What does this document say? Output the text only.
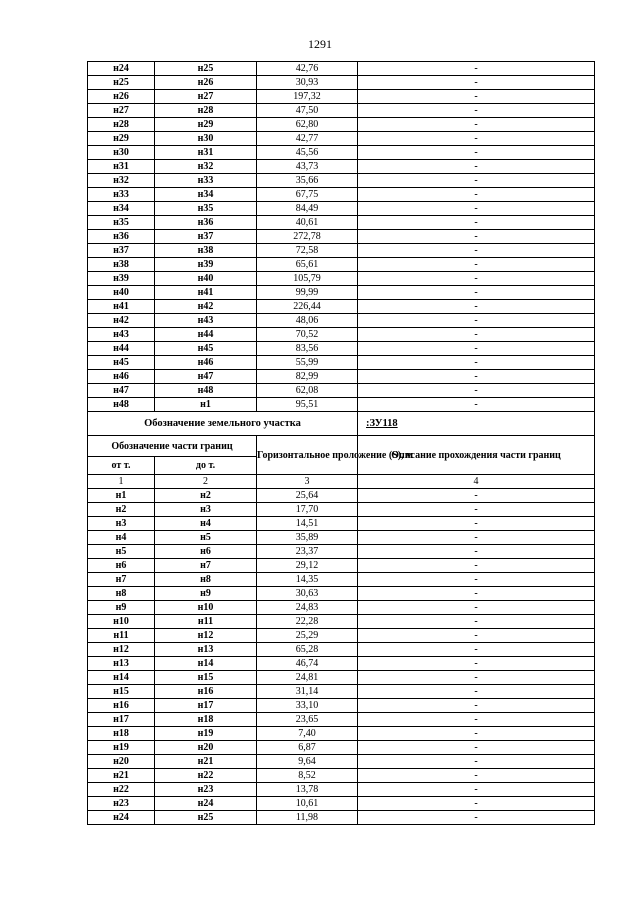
1291
н24	н25	42,76	-
н25	н26	30,93	-
н26	н27	197,32	-
н27	н28	47,50	-
н28	н29	62,80	-
н29	н30	42,77	-
н30	н31	45,56	-
н31	н32	43,73	-
н32	н33	35,66	-
н33	н34	67,75	-
н34	н35	84,49	-
н35	н36	40,61	-
н36	н37	272,78	-
н37	н38	72,58	-
н38	н39	65,61	-
н39	н40	105,79	-
н40	н41	99,99	-
н41	н42	226,44	-
н42	н43	48,06	-
н43	н44	70,52	-
н44	н45	83,56	-
н45	н46	55,99	-
н46	н47	82,99	-
н47	н48	62,08	-
н48	н1	95,51	-
Обозначение земельного участка			:ЗУ118
Обозначение части границ		Горизонтальное проложение (S), м	Описание прохождения части границ
от т.	до т.		
1	2	3	4
н1	н2	25,64	-
н2	н3	17,70	-
н3	н4	14,51	-
н4	н5	35,89	-
н5	н6	23,37	-
н6	н7	29,12	-
н7	н8	14,35	-
н8	н9	30,63	-
н9	н10	24,83	-
н10	н11	22,28	-
н11	н12	25,29	-
н12	н13	65,28	-
н13	н14	46,74	-
н14	н15	24,81	-
н15	н16	31,14	-
н16	н17	33,10	-
н17	н18	23,65	-
н18	н19	7,40	-
н19	н20	6,87	-
н20	н21	9,64	-
н21	н22	8,52	-
н22	н23	13,78	-
н23	н24	10,61	-
н24	н25	11,98	-
